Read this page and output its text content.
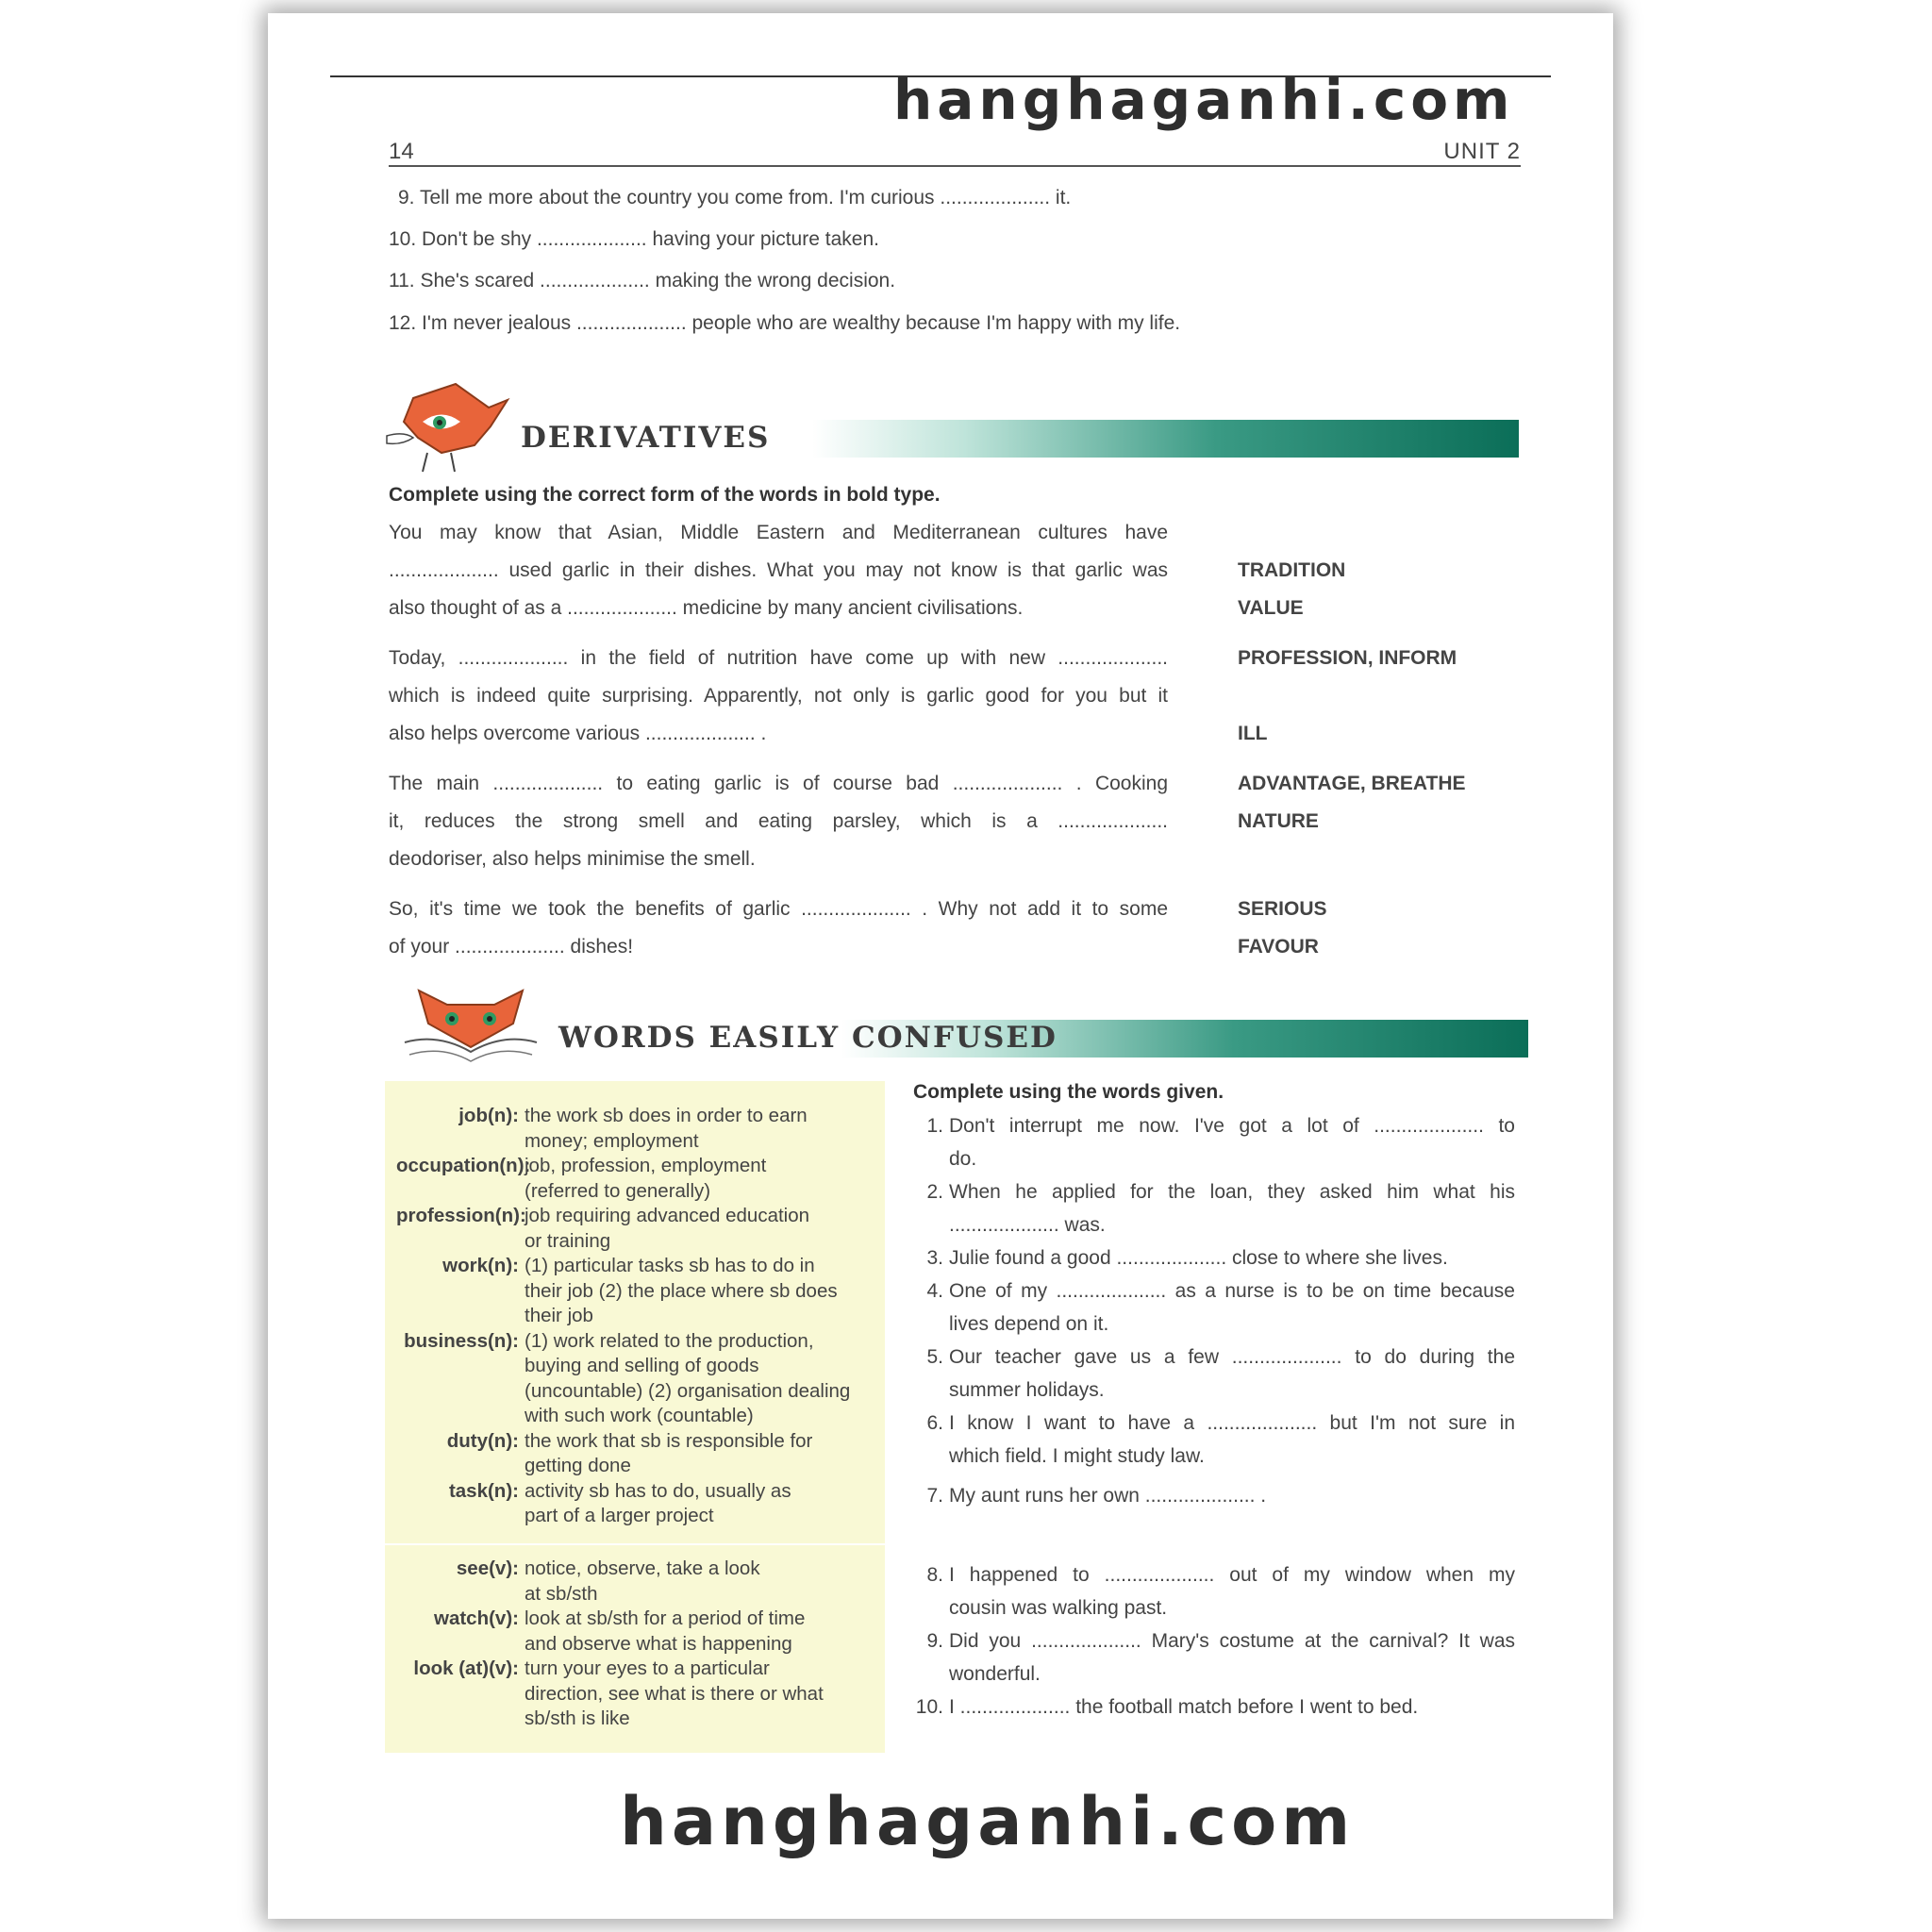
hanghaganhi.com
14	UNIT 2
9. Tell me more about the country you come from. I'm curious .................... it.
10. Don't be shy .................... having your picture taken.
11. She's scared .................... making the wrong decision.
12. I'm never jealous .................... people who are wealthy because I'm happy with my life.
DERIVATIVES
Complete using the correct form of the words in bold type.
You may know that Asian, Middle Eastern and Mediterranean cultures have
.................... used garlic in their dishes. What you may not know is that garlic was
also thought of as a .................... medicine by many ancient civilisations.
Today, .................... in the field of nutrition have come up with new ....................
which is indeed quite surprising. Apparently, not only is garlic good for you but it
also helps overcome various .................... .
The main .................... to eating garlic is of course bad .................... . Cooking
it, reduces the strong smell and eating parsley, which is a ....................
deodoriser, also helps minimise the smell.
So, it's time we took the benefits of garlic .................... . Why not add it to some
of your .................... dishes!
TRADITION
VALUE
PROFESSION, INFORM
ILL
ADVANTAGE, BREATHE
NATURE
SERIOUS
FAVOUR
WORDS EASILY CONFUSED
job(n): the work sb does in order to earn
money; employment
occupation(n):
job, profession, employment
(referred to generally)
profession(n):
job requiring advanced education
or training
work(n): (1) particular tasks sb has to do in
their job (2) the place where sb does
their job
business(n): (1) work related to the production,
buying and selling of goods
(uncountable) (2) organisation dealing
with such work (countable)
duty(n): the work that sb is responsible for
getting done
task(n): activity sb has to do, usually as
part of a larger project
see(v): notice, observe, take a look
at sb/sth
watch(v): look at sb/sth for a period of time
and observe what is happening
look (at)(v): turn your eyes to a particular
direction, see what is there or what
sb/sth is like
Complete using the words given.
1. Don't interrupt me now. I've got a lot of .................... to
do.
2. When he applied for the loan, they asked him what his
.................... was.
3. Julie found a good .................... close to where she lives.
4. One of my .................... as a nurse is to be on time because
lives depend on it.
5. Our teacher gave us a few .................... to do during the
summer holidays.
6. I know I want to have a .................... but I'm not sure in
which field. I might study law.
7. My aunt runs her own .................... .
8. I happened to .................... out of my window when my
cousin was walking past.
9. Did you .................... Mary's costume at the carnival? It was
wonderful.
10. I .................... the football match before I went to bed.
hanghaganhi.com
